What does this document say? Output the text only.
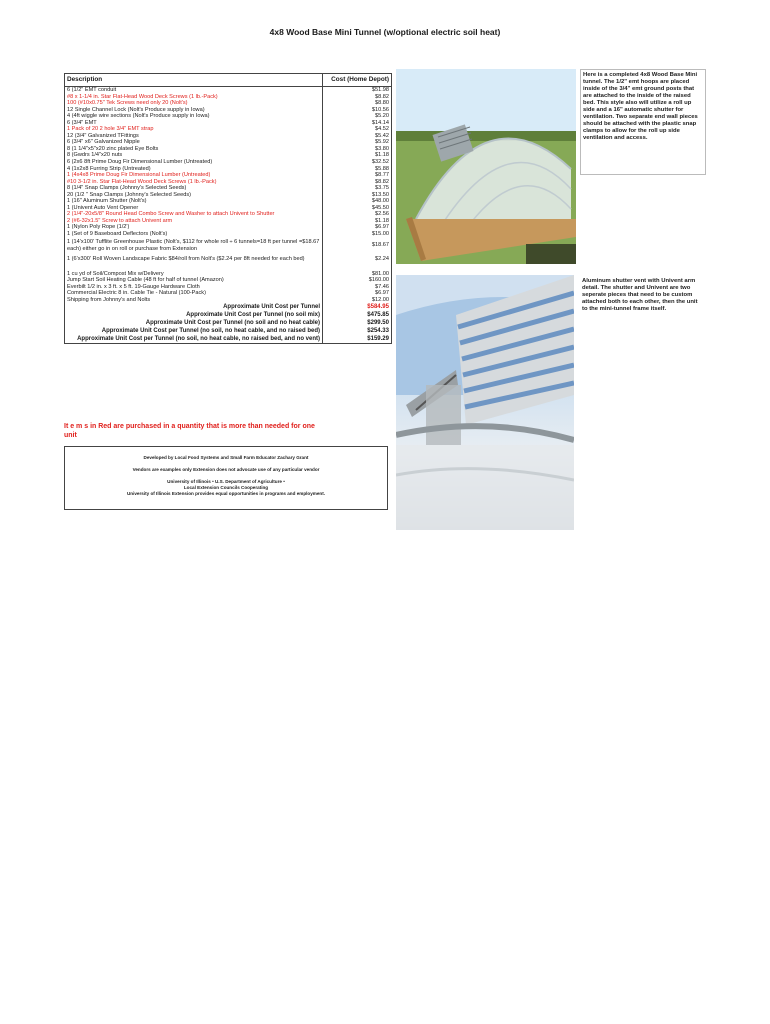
4x8 Wood Base Mini Tunnel (w/optional electric soil heat)
Description	Cost (Home Depot)
6 (1/2" EMT conduit	$51.98
#8 x 1-1/4 in. Star Flat-Head Wood Deck Screws (1 lb.-Pack)	$8.82
100 (#10x0.75" Tek Screws need only 20 (Nolt's)	$8.80
12 Single Channel Lock (Nolt's Produce supply in Iowa)	$10.56
4 (4ft wiggle wire sections (Nolt's Produce supply in Iowa)	$5.20
6 (3/4" EMT	$14.14
1 Pack of 20 2 hole 3/4" EMT strap	$4.52
12 (3/4" Galvanized TFittings	$5.42
6 (3/4" x6" Galvanized Nipple	$5.92
8 (1 1/4"x5"x20 zinc plated Eye Bolts	$3.80
8 (Gwdrs 1/4"x20 nuts	$1.18
6 (2x6 8ft Prime Doug Fir Dimensional Lumber (Untreated)	$32.52
4 (1x2x8 Furring Strip (Untreated)	$5.88
1 (4x4x8 Prime Doug Fir Dimensional Lumber (Untreated)	$8.77
#10 3-1/2 in. Star Flat-Head Wood Deck Screws (1 lb.-Pack)	$8.82
8 (1/4" Snap Clamps (Johnny's Selected Seeds)	$3.75
20 (1/2 " Snap Clamps (Johnny's Selected Seeds)	$13.50
1 (16" Aluminum Shutter (Nolt's)	$48.00
1 (Univent Auto Vent Opener	$45.50
2 (1/4"-20x5/8" Round Head Combo Screw and Washer to attach Univent to Shutter	$2.56
2 (#6-32x1.5" Screw to attach Univent arm	$1.18
1 (Nylon Poly Rope (1/2')	$6.97
1 (Set of 9 Baseboard Deflectors (Nolt's)	$15.00
1 (14'x100' Tufflite Greenhouse Plastic (Nolt's, $112 for whole roll ÷ 6 tunnels=18 ft per tunnel =$18.67 each) either go in on roll or purchase from Extension	$18.67
1 (6'x300' Roll Woven Landscape Fabric $84/roll from Nolt's ($2.24 per 8ft needed for each bed)	$2.24

1 cu yd of Soil/Compost Mix w/Delivery	$81.00
Jump Start Soil Heating Cable (48 ft for half of tunnel (Amazon)	$160.00
Everbilt 1/2 in. x 3 ft. x 5 ft. 19-Gauge Hardware Cloth	$7.46
Commercial Electric 8 in. Cable Tie - Natural (100-Pack)	$6.97
Shipping from Johnny's and Nolts	$12.00
Approximate Unit Cost per Tunnel	$584.95
Approximate Unit Cost per Tunnel (no soil mix)	$475.85
Approximate Unit Cost per Tunnel (no soil and no heat cable)	$299.50
Approximate Unit Cost per Tunnel (no soil, no heat cable, and no raised bed)	$254.33
Approximate Unit Cost per Tunnel (no soil, no heat cable, no raised bed, and no vent)	$159.29
It e m s in Red are purchased in a quantity that is more than needed for one unit

Developed by Local Food Systems and Small Farm Educator Zachary Grant

Vendors are examples only Extension does not advocate use of any particular vendor

University of Illinois • U.S. Department of Agriculture •

Local Extension Councils Cooperating

University of Illinois Extension provides equal opportunities in programs and employment.

Here is a completed 4x8 Wood Base Mini tunnel. The 1/2" emt hoops are placed inside of the 3/4" emt ground posts that are attached to the inside of the raised bed. This style also will utilize a roll up side and a 16" automatic shutter for ventilation. Two separate end wall pieces should be attached with the plastic snap clamps to allow for the roll up side ventilation and access.
Aluminum shutter vent with Univent arm detail. The shutter and Univent are two seperate pieces that need to be custom attached both to each other, then the unit to the mini-tunnel frame itself.
